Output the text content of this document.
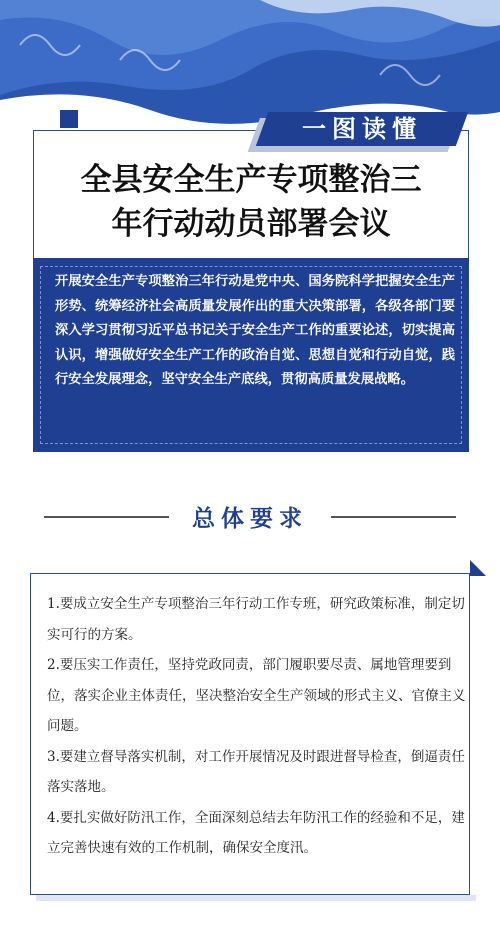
一图读懂
全县安全生产专项整治三
年行动动员部署会议
开展安全生产专项整治三年行动是党中央、国务院科学把握安全生产形势、统筹经济社会高质量发展作出的重大决策部署，各级各部门要深入学习贯彻习近平总书记关于安全生产工作的重要论述，切实提高认识，增强做好安全生产工作的政治自觉、思想自觉和行动自觉，践行安全发展理念，坚守安全生产底线，贯彻高质量发展战略。
总体要求
1.要成立安全生产专项整治三年行动工作专班，研究政策标准，制定切实可行的方案。
2.要压实工作责任，坚持党政同责，部门履职要尽责、属地管理要到位，落实企业主体责任，坚决整治安全生产领域的形式主义、官僚主义问题。
3.要建立督导落实机制，对工作开展情况及时跟进督导检查，倒逼责任落实落地。
4.要扎实做好防汛工作，全面深刻总结去年防汛工作的经验和不足，建立完善快速有效的工作机制，确保安全度汛。
